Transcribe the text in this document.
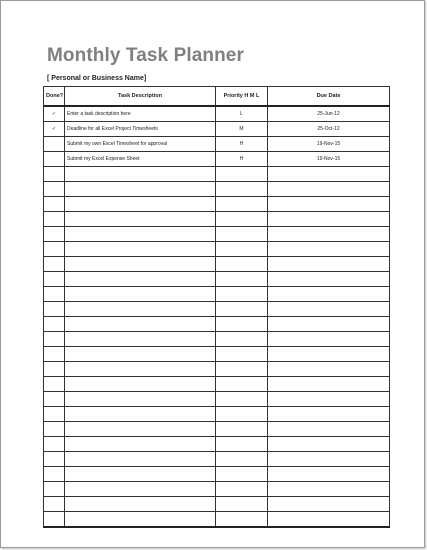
Monthly Task Planner
[ Personal or Business Name]
Done?	Task Description	Priority H M L	Due Date
✓	Enter a task description here	L	25-Jun-12
✓	Deadline for all Excel Project Timesheets	M	25-Oct-12
	Submit my own Excel Timesheet for approval	H	19-Nov-15
	Submit my Excel Expense Sheet	H	19-Nov-15
